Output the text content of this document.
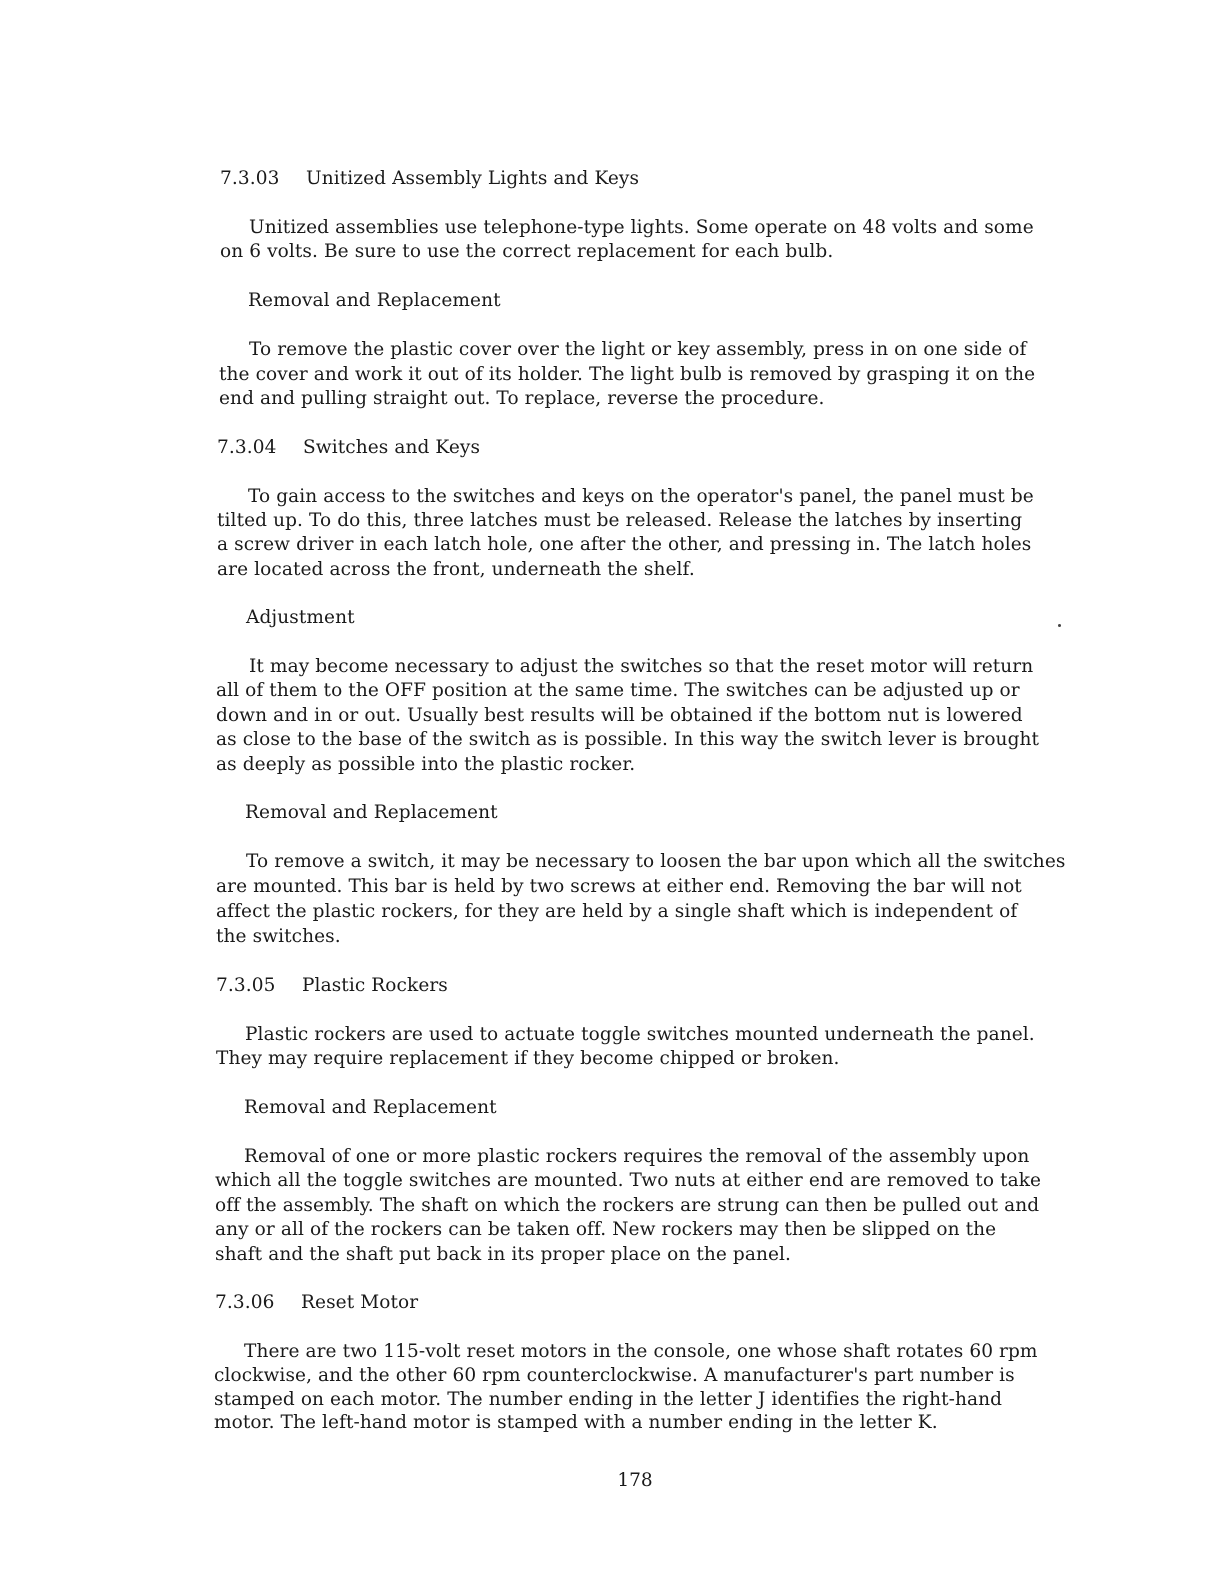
7.3.03 Unitized Assembly Lights and Keys
Unitized assemblies use telephone-type lights. Some operate on 48 volts and some
on 6 volts. Be sure to use the correct replacement for each bulb.
Removal and Replacement
To remove the plastic cover over the light or key assembly, press in on one side of
the cover and work it out of its holder. The light bulb is removed by grasping it on the
end and pulling straight out. To replace, reverse the procedure.
7.3.04 Switches and Keys
To gain access to the switches and keys on the operator's panel, the panel must be
tilted up. To do this, three latches must be released. Release the latches by inserting
a screw driver in each latch hole, one after the other, and pressing in. The latch holes
are located across the front, underneath the shelf.
Adjustment
It may become necessary to adjust the switches so that the reset motor will return
all of them to the OFF position at the same time. The switches can be adjusted up or
down and in or out. Usually best results will be obtained if the bottom nut is lowered
as close to the base of the switch as is possible. In this way the switch lever is brought
as deeply as possible into the plastic rocker.
Removal and Replacement
To remove a switch, it may be necessary to loosen the bar upon which all the switches
are mounted. This bar is held by two screws at either end. Removing the bar will not
affect the plastic rockers, for they are held by a single shaft which is independent of
the switches.
7.3.05 Plastic Rockers
Plastic rockers are used to actuate toggle switches mounted underneath the panel.
They may require replacement if they become chipped or broken.
Removal and Replacement
Removal of one or more plastic rockers requires the removal of the assembly upon
which all the toggle switches are mounted. Two nuts at either end are removed to take
off the assembly. The shaft on which the rockers are strung can then be pulled out and
any or all of the rockers can be taken off. New rockers may then be slipped on the
shaft and the shaft put back in its proper place on the panel.
7.3.06 Reset Motor
There are two 115-volt reset motors in the console, one whose shaft rotates 60 rpm
clockwise, and the other 60 rpm counterclockwise. A manufacturer's part number is
stamped on each motor. The number ending in the letter J identifies the right-hand
motor. The left-hand motor is stamped with a number ending in the letter K.
178
